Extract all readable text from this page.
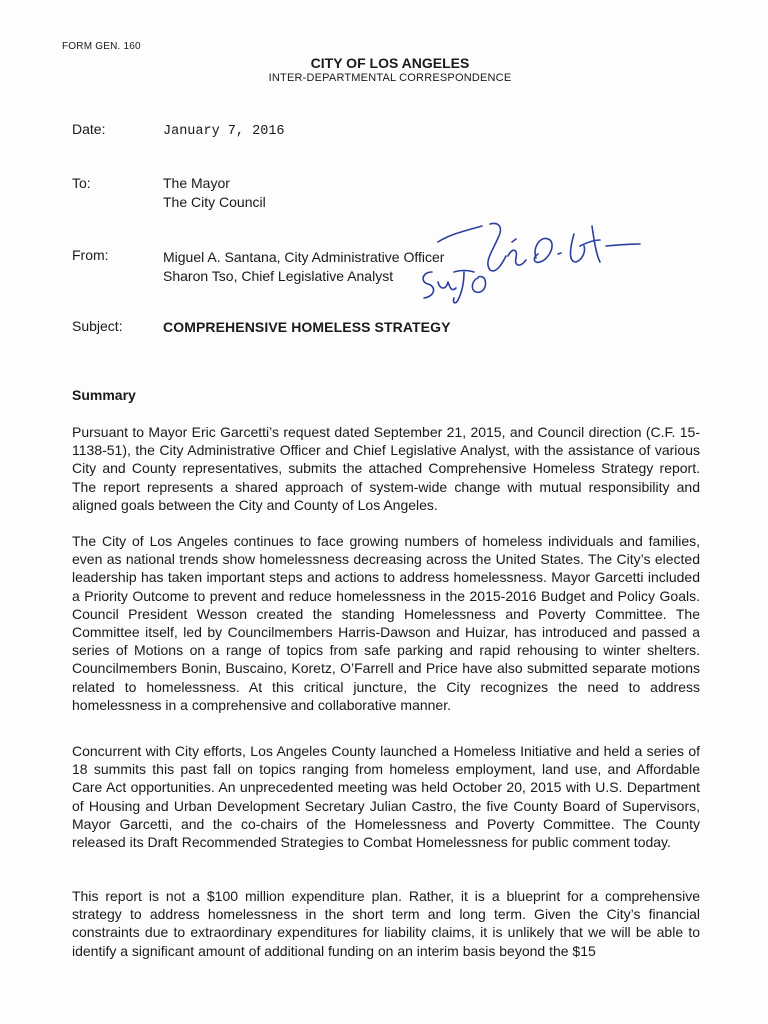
FORM GEN. 160
CITY OF LOS ANGELES
INTER-DEPARTMENTAL CORRESPONDENCE
Date:	January 7, 2016
To:	The Mayor
The City Council
From:	Miguel A. Santana, City Administrative Officer
Sharon Tso, Chief Legislative Analyst
Subject:	COMPREHENSIVE HOMELESS STRATEGY
Summary
Pursuant to Mayor Eric Garcetti’s request dated September 21, 2015, and Council direction (C.F. 15-1138-51), the City Administrative Officer and Chief Legislative Analyst, with the assistance of various City and County representatives, submits the attached Comprehensive Homeless Strategy report. The report represents a shared approach of system-wide change with mutual responsibility and aligned goals between the City and County of Los Angeles.
The City of Los Angeles continues to face growing numbers of homeless individuals and families, even as national trends show homelessness decreasing across the United States. The City’s elected leadership has taken important steps and actions to address homelessness. Mayor Garcetti included a Priority Outcome to prevent and reduce homelessness in the 2015-2016 Budget and Policy Goals. Council President Wesson created the standing Homelessness and Poverty Committee. The Committee itself, led by Councilmembers Harris-Dawson and Huizar, has introduced and passed a series of Motions on a range of topics from safe parking and rapid rehousing to winter shelters. Councilmembers Bonin, Buscaino, Koretz, O’Farrell and Price have also submitted separate motions related to homelessness. At this critical juncture, the City recognizes the need to address homelessness in a comprehensive and collaborative manner.
Concurrent with City efforts, Los Angeles County launched a Homeless Initiative and held a series of 18 summits this past fall on topics ranging from homeless employment, land use, and Affordable Care Act opportunities. An unprecedented meeting was held October 20, 2015 with U.S. Department of Housing and Urban Development Secretary Julian Castro, the five County Board of Supervisors, Mayor Garcetti, and the co-chairs of the Homelessness and Poverty Committee. The County released its Draft Recommended Strategies to Combat Homelessness for public comment today.
This report is not a $100 million expenditure plan. Rather, it is a blueprint for a comprehensive strategy to address homelessness in the short term and long term. Given the City’s financial constraints due to extraordinary expenditures for liability claims, it is unlikely that we will be able to identify a significant amount of additional funding on an interim basis beyond the $15
